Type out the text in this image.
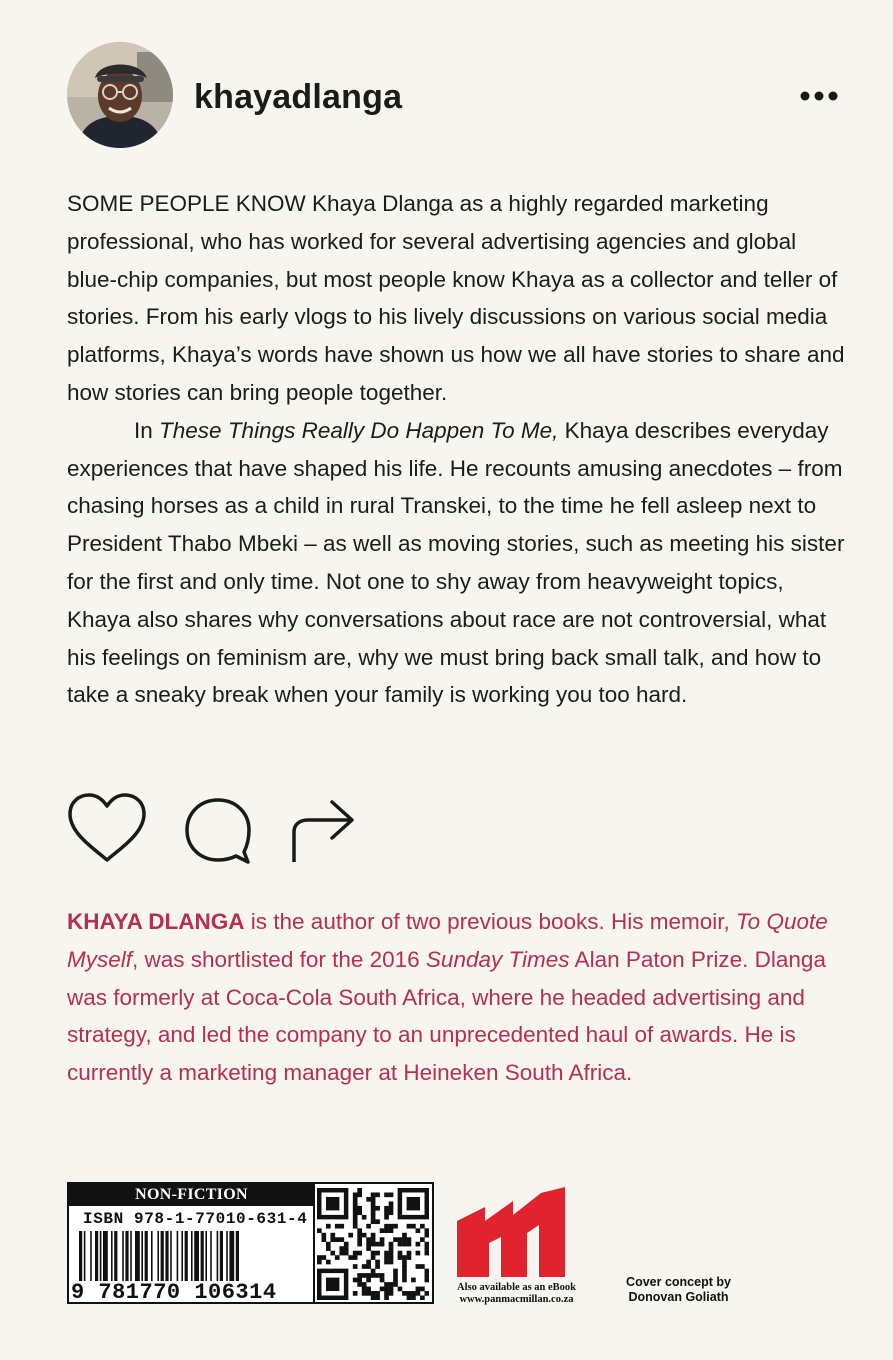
khayadlanga

SOME PEOPLE KNOW Khaya Dlanga as a highly regarded marketing professional, who has worked for several advertising agencies and global blue-chip companies, but most people know Khaya as a collector and teller of stories. From his early vlogs to his lively discussions on various social media platforms, Khaya’s words have shown us how we all have stories to share and how stories can bring people together.

In These Things Really Do Happen To Me, Khaya describes everyday experiences that have shaped his life. He recounts amusing anecdotes – from chasing horses as a child in rural Transkei, to the time he fell asleep next to President Thabo Mbeki – as well as moving stories, such as meeting his sister for the first and only time. Not one to shy away from heavyweight topics, Khaya also shares why conversations about race are not controversial, what his feelings on feminism are, why we must bring back small talk, and how to take a sneaky break when your family is working you too hard.

KHAYA DLANGA is the author of two previous books. His memoir, To Quote Myself, was shortlisted for the 2016 Sunday Times Alan Paton Prize. Dlanga was formerly at Coca-Cola South Africa, where he headed advertising and strategy, and led the company to an unprecedented haul of awards. He is currently a marketing manager at Heineken South Africa.
NON-FICTION
ISBN 978-1-77010-631-4
9 781770 106314	Also available as an eBook
www.panmacmillan.co.za
Cover concept by
Donovan Goliath
